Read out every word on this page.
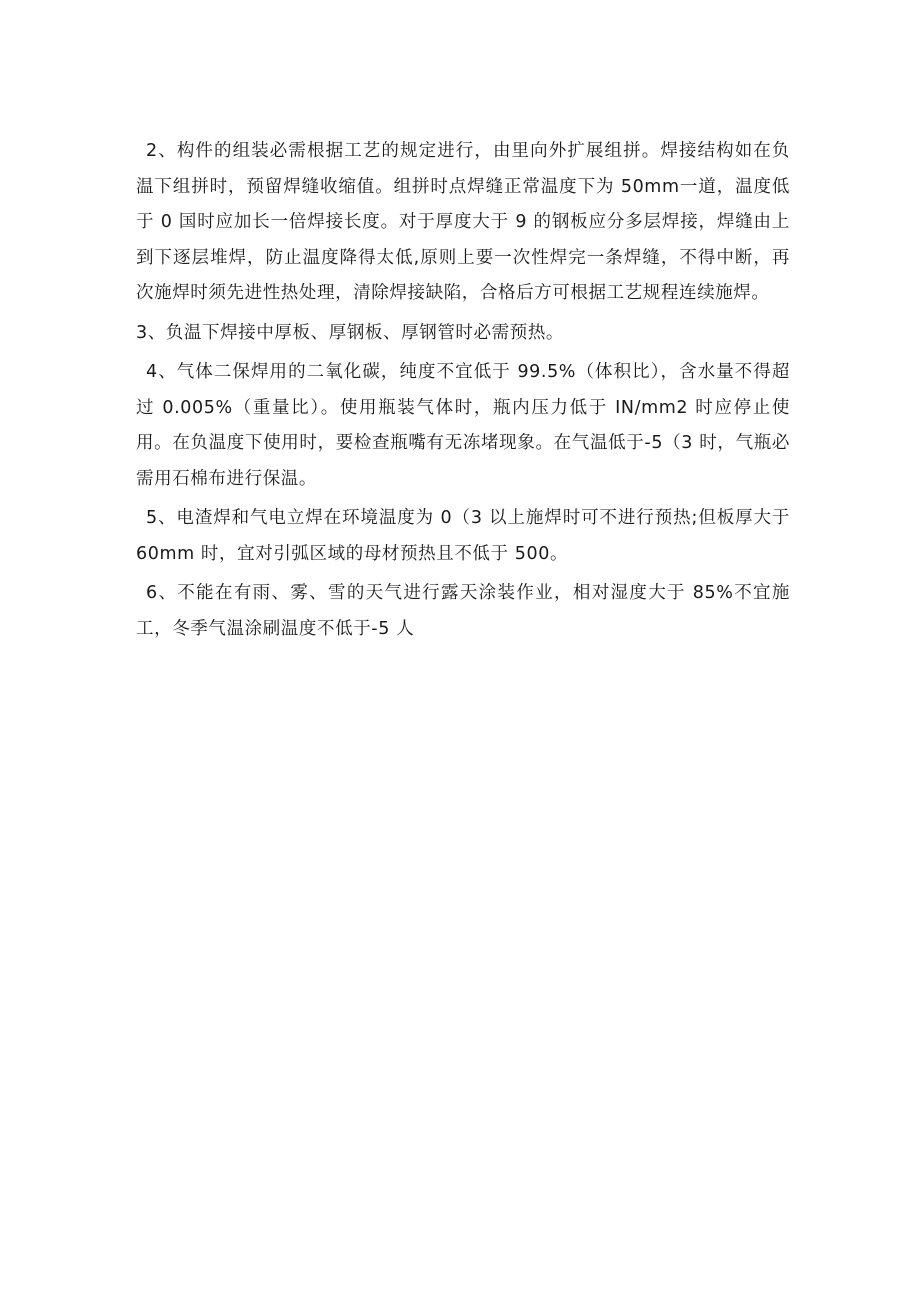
2、构件的组装必需根据工艺的规定进行，由里向外扩展组拼。焊接结构如在负温下组拼时，预留焊缝收缩值。组拼时点焊缝正常温度下为 50mm一道，温度低于 0 国时应加长一倍焊接长度。对于厚度大于 9 的钢板应分多层焊接，焊缝由上到下逐层堆焊，防止温度降得太低,原则上要一次性焊完一条焊缝，不得中断，再次施焊时须先进性热处理，清除焊接缺陷，合格后方可根据工艺规程连续施焊。

3、负温下焊接中厚板、厚钢板、厚钢管时必需预热。

4、气体二保焊用的二氧化碳，纯度不宜低于 99.5%（体积比），含水量不得超过 0.005%（重量比）。使用瓶装气体时，瓶内压力低于 IN/mm2 时应停止使用。在负温度下使用时，要检查瓶嘴有无冻堵现象。在气温低于-5（3 时，气瓶必需用石棉布进行保温。

5、电渣焊和气电立焊在环境温度为 0（3 以上施焊时可不进行预热;但板厚大于 60mm 时，宜对引弧区域的母材预热且不低于 500。

6、不能在有雨、雾、雪的天气进行露天涂装作业，相对湿度大于 85%不宜施工，冬季气温涂刷温度不低于-5 人
